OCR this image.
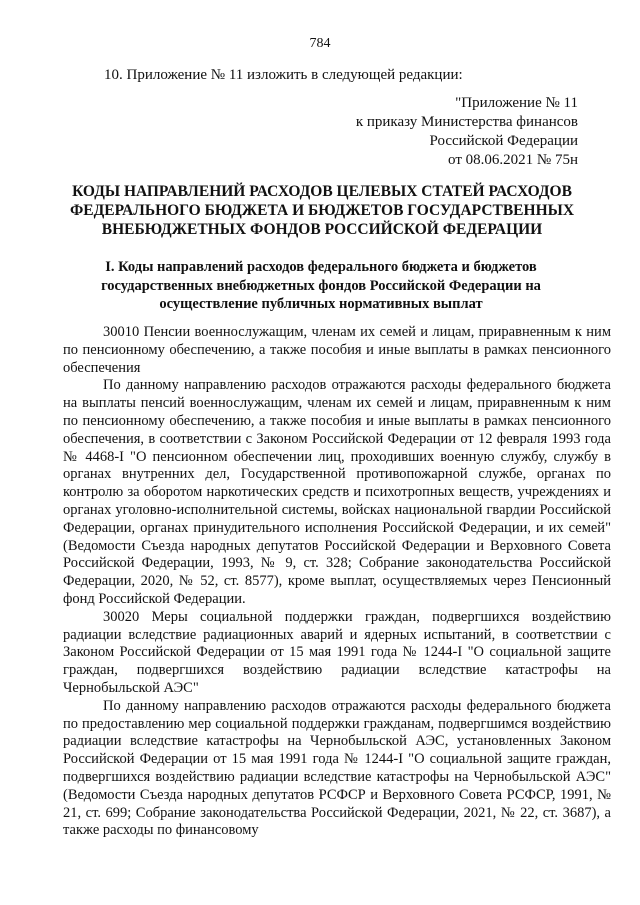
784
10. Приложение № 11 изложить в следующей редакции:
"Приложение № 11
к приказу Министерства финансов
Российской Федерации
от 08.06.2021 № 75н
КОДЫ НАПРАВЛЕНИЙ РАСХОДОВ ЦЕЛЕВЫХ СТАТЕЙ РАСХОДОВ ФЕДЕРАЛЬНОГО БЮДЖЕТА И БЮДЖЕТОВ ГОСУДАРСТВЕННЫХ ВНЕБЮДЖЕТНЫХ ФОНДОВ РОССИЙСКОЙ ФЕДЕРАЦИИ
I. Коды направлений расходов федерального бюджета и бюджетов государственных внебюджетных фондов Российской Федерации на осуществление публичных нормативных выплат

30010 Пенсии военнослужащим, членам их семей и лицам, приравненным к ним по пенсионному обеспечению, а также пособия и иные выплаты в рамках пенсионного обеспечения

По данному направлению расходов отражаются расходы федерального бюджета на выплаты пенсий военнослужащим, членам их семей и лицам, приравненным к ним по пенсионному обеспечению, а также пособия и иные выплаты в рамках пенсионного обеспечения, в соответствии с Законом Российской Федерации от 12 февраля 1993 года № 4468-I "О пенсионном обеспечении лиц, проходивших военную службу, службу в органах внутренних дел, Государственной противопожарной службе, органах по контролю за оборотом наркотических средств и психотропных веществ, учреждениях и органах уголовно-исполнительной системы, войсках национальной гвардии Российской Федерации, органах принудительного исполнения Российской Федерации, и их семей" (Ведомости Съезда народных депутатов Российской Федерации и Верховного Совета Российской Федерации, 1993, № 9, ст. 328; Собрание законодательства Российской Федерации, 2020, № 52, ст. 8577), кроме выплат, осуществляемых через Пенсионный фонд Российской Федерации.

30020 Меры социальной поддержки граждан, подвергшихся воздействию радиации вследствие радиационных аварий и ядерных испытаний, в соответствии с Законом Российской Федерации от 15 мая 1991 года № 1244-I "О социальной защите граждан, подвергшихся воздействию радиации вследствие катастрофы на Чернобыльской АЭС"

По данному направлению расходов отражаются расходы федерального бюджета по предоставлению мер социальной поддержки гражданам, подвергшимся воздействию радиации вследствие катастрофы на Чернобыльской АЭС, установленных Законом Российской Федерации от 15 мая 1991 года № 1244-I "О социальной защите граждан, подвергшихся воздействию радиации вследствие катастрофы на Чернобыльской АЭС" (Ведомости Съезда народных депутатов РСФСР и Верховного Совета РСФСР, 1991, № 21, ст. 699; Собрание законодательства Российской Федерации, 2021, № 22, ст. 3687), а также расходы по финансовому
